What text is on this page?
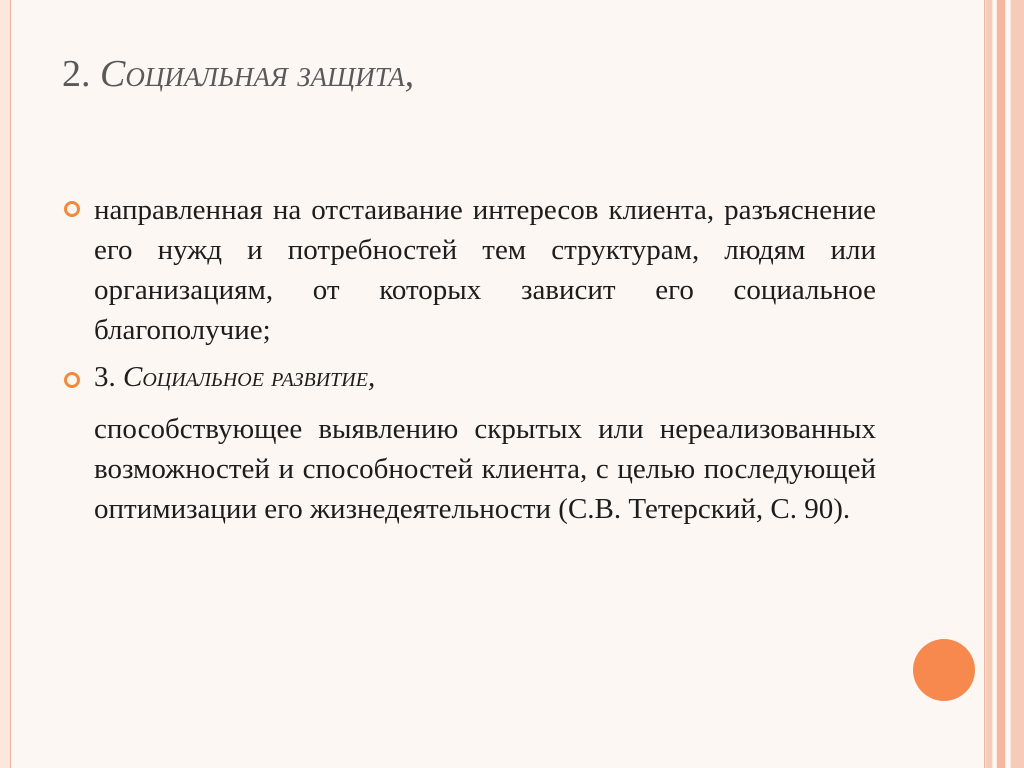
2. Социальная защита,
направленная на отстаивание интересов клиента, разъяснение его нужд и потребностей тем структурам, людям или организациям, от которых зависит его социальное благополучие;
3. Социальное развитие,
способствующее выявлению скрытых или нереализованных возможностей и способностей клиента, с целью последующей оптимизации его жизнедеятельности (С.В. Тетерский, С. 90).
